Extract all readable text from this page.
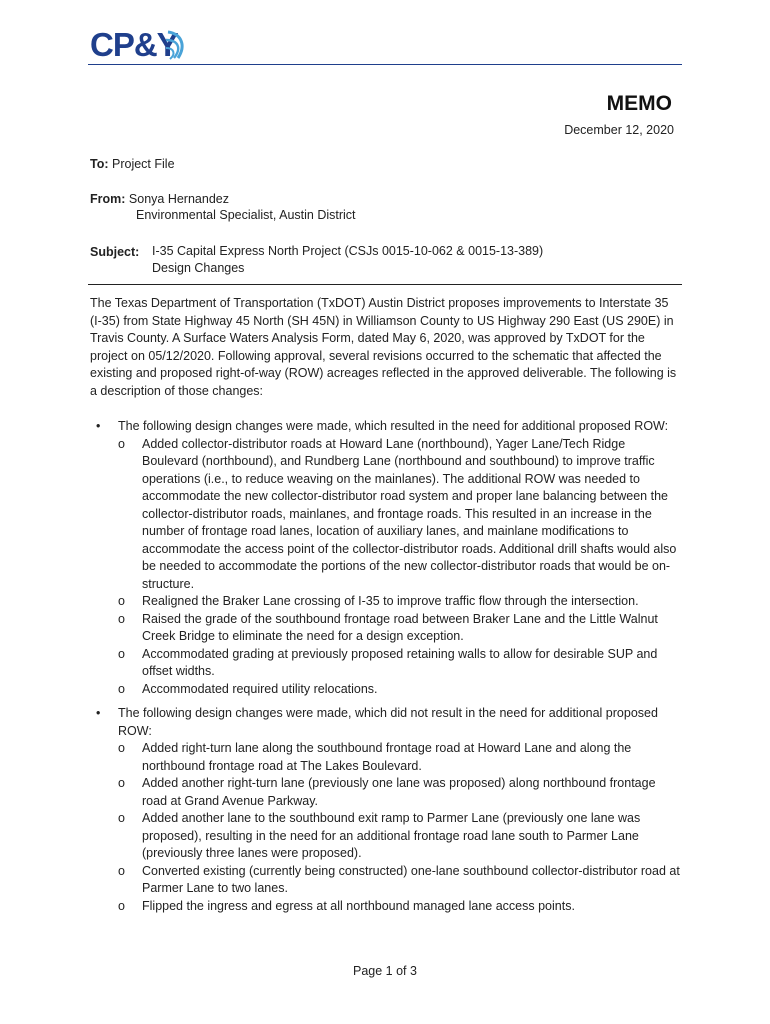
CP&Y
MEMO
December 12, 2020
To: Project File
From: Sonya Hernandez
Environmental Specialist, Austin District
Subject: I-35 Capital Express North Project (CSJs 0015-10-062 & 0015-13-389)
Design Changes

The Texas Department of Transportation (TxDOT) Austin District proposes improvements to Interstate 35 (I-35) from State Highway 45 North (SH 45N) in Williamson County to US Highway 290 East (US 290E) in Travis County. A Surface Waters Analysis Form, dated May 6, 2020, was approved by TxDOT for the project on 05/12/2020. Following approval, several revisions occurred to the schematic that affected the existing and proposed right-of-way (ROW) acreages reflected in the approved deliverable. The following is a description of those changes:

• The following design changes were made, which resulted in the need for additional proposed ROW:
o Added collector-distributor roads at Howard Lane (northbound), Yager Lane/Tech Ridge Boulevard (northbound), and Rundberg Lane (northbound and southbound) to improve traffic operations (i.e., to reduce weaving on the mainlanes). The additional ROW was needed to accommodate the new collector-distributor road system and proper lane balancing between the collector-distributor roads, mainlanes, and frontage roads. This resulted in an increase in the number of frontage road lanes, location of auxiliary lanes, and mainlane modifications to accommodate the access point of the collector-distributor roads. Additional drill shafts would also be needed to accommodate the portions of the new collector-distributor roads that would be on-structure.
o Realigned the Braker Lane crossing of I-35 to improve traffic flow through the intersection.
o Raised the grade of the southbound frontage road between Braker Lane and the Little Walnut Creek Bridge to eliminate the need for a design exception.
o Accommodated grading at previously proposed retaining walls to allow for desirable SUP and offset widths.
o Accommodated required utility relocations.
• The following design changes were made, which did not result in the need for additional proposed ROW:
o Added right-turn lane along the southbound frontage road at Howard Lane and along the northbound frontage road at The Lakes Boulevard.
o Added another right-turn lane (previously one lane was proposed) along northbound frontage road at Grand Avenue Parkway.
o Added another lane to the southbound exit ramp to Parmer Lane (previously one lane was proposed), resulting in the need for an additional frontage road lane south to Parmer Lane (previously three lanes were proposed).
o Converted existing (currently being constructed) one-lane southbound collector-distributor road at Parmer Lane to two lanes.
o Flipped the ingress and egress at all northbound managed lane access points.
Page 1 of 3
